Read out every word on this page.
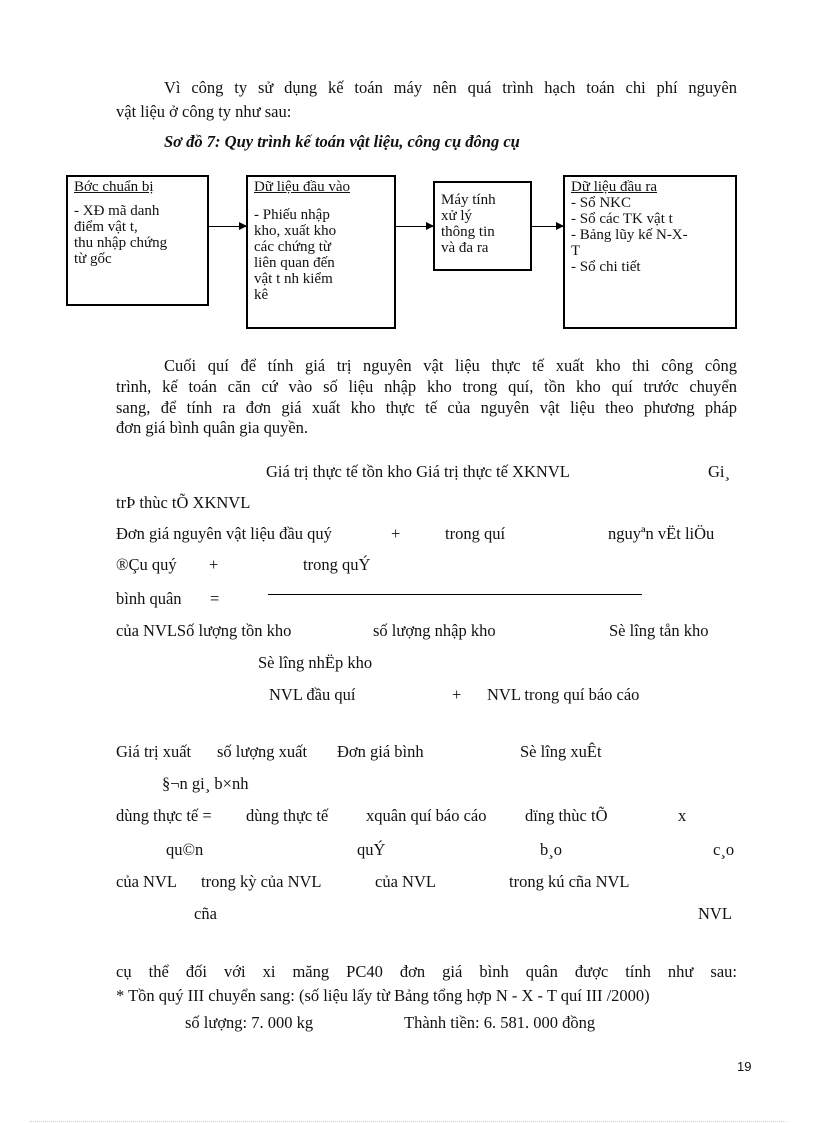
Vì công ty sử dụng kế toán máy nên quá trình hạch toán chi phí nguyên
vật liệu ở công ty như sau:
Sơ đồ 7: Quy trình kế toán vật liệu, công cụ đông cụ
Bớc chuẩn bị
- XĐ mã danh
điểm vật t,
thu nhập chứng
từ gốc
Dữ liệu đầu vào
- Phiếu nhập
kho, xuất kho
các chứng từ
liên quan đến
vật t nh kiểm
kê
Máy tính
xử lý
thông tin
và đa ra
Dữ liệu đầu ra
- Sổ NKC
- Sổ các TK vật t
- Bảng lũy kế N-X-
T
- Sổ chi tiết
Cuối quí để tính giá trị nguyên vật liệu thực tế xuất kho thi công công
trình, kế toán căn cứ vào số liệu nhập kho trong quí, tồn kho quí trước chuyển
sang, để tính ra đơn giá xuất kho thực tế của nguyên vật liệu theo phương pháp
đơn giá bình quân gia quyền.
Giá trị thực tế tồn kho Giá trị thực tế XKNVL	Gi¸
trÞ thùc tÕ XKNVL
Đơn giá nguyên vật liệu đầu quý	+	trong quí	nguyªn vËt liÖu
®Çu quý +	trong quÝ
bình quân =
của NVLSố lượng tồn kho	số lượng nhập kho	Sè lîng tån kho
Sè lîng nhËp kho
NVL đầu quí	+ NVL trong quí báo cáo
Giá trị xuất số lượng xuất Đơn giá bình	Sè lîng xuÊt
§¬n gi¸ b×nh
dùng thực tế = dùng thực tế xquân quí báo cáo dïng thùc tÕ	x
qu©n	quÝ	b¸o	c¸o
của NVL trong kỳ của NVL	của NVL	trong kú cña NVL
cña	NVL
cụ thể đối với xi măng PC40 đơn giá bình quân được tính như sau:
* Tồn quý III chuyển sang: (số liệu lấy từ Bảng tổng hợp N - X - T quí III /2000)
số lượng: 7. 000 kg	Thành tiền: 6. 581. 000 đồng
19
